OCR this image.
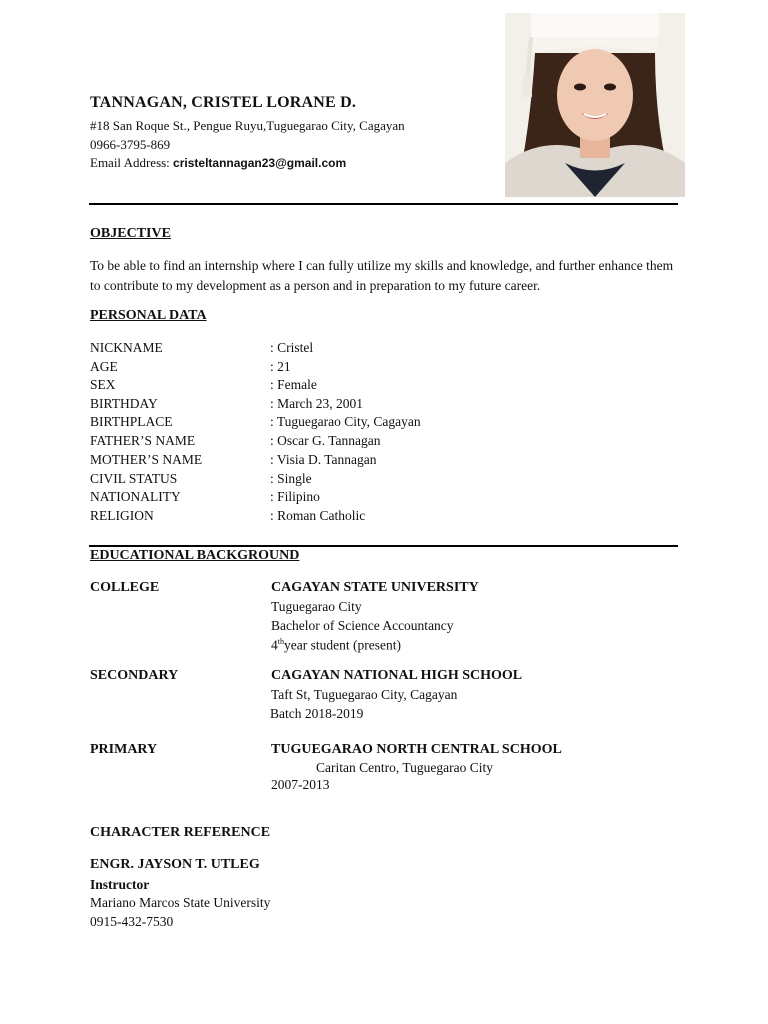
TANNAGAN, CRISTEL LORANE D.
#18 San Roque St., Pengue Ruyu,Tuguegarao City, Cagayan
0966-3795-869
Email Address: cristeltannagan23@gmail.com
OBJECTIVE
To be able to find an internship where I can fully utilize my skills and knowledge, and further enhance them to contribute to my development as a person and in preparation to my future career.
PERSONAL DATA
NICKNAME	: Cristel
AGE	: 21
SEX	: Female
BIRTHDAY	: March 23, 2001
BIRTHPLACE	: Tuguegarao City, Cagayan
FATHER’S NAME	: Oscar G. Tannagan
MOTHER’S NAME	: Visia D. Tannagan
CIVIL STATUS	: Single
NATIONALITY	: Filipino
RELIGION	: Roman Catholic
EDUCATIONAL BACKGROUND
COLLEGE	CAGAYAN STATE UNIVERSITY
Tuguegarao City
Bachelor of Science Accountancy
4thyear student (present)
SECONDARY	CAGAYAN NATIONAL HIGH SCHOOL
Taft St, Tuguegarao City, Cagayan
Batch 2018-2019
PRIMARY	TUGUEGARAO NORTH CENTRAL SCHOOL
Caritan Centro, Tuguegarao City
2007-2013
CHARACTER REFERENCE
ENGR. JAYSON T. UTLEG
Instructor
Mariano Marcos State University
0915-432-7530
